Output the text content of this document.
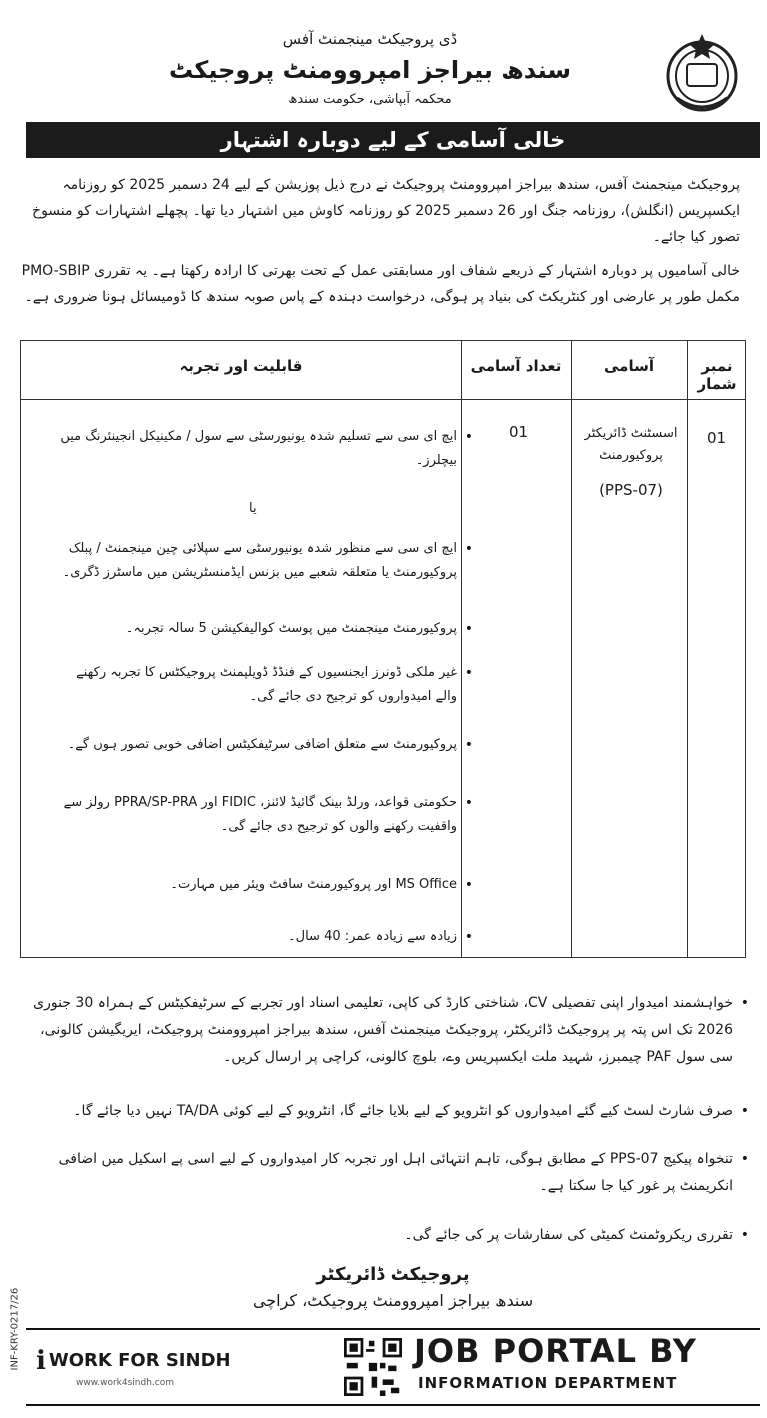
ڈی پروجیکٹ مینجمنٹ آفس
سندھ بیراجز امپروومنٹ پروجیکٹ
محکمہ آبپاشی، حکومت سندھ
خالی آسامی کے لیے دوبارہ اشتہار
پروجیکٹ مینجمنٹ آفس، سندھ بیراجز امپروومنٹ پروجیکٹ نے درج ذیل پوزیشن کے لیے 24 دسمبر 2025 کو روزنامہ ایکسپریس (انگلش)، روزنامہ جنگ اور 26 دسمبر 2025 کو روزنامہ کاوش میں اشتہار دیا تھا۔ پچھلے اشتہارات کو منسوخ تصور کیا جائے۔
خالی آسامیوں پر دوبارہ اشتہار کے ذریعے شفاف اور مسابقتی عمل کے تحت بھرتی کا ارادہ رکھتا ہے۔ یہ تقرری PMO-SBIP مکمل طور پر عارضی اور کنٹریکٹ کی بنیاد پر ہوگی، درخواست دہندہ کے پاس صوبہ سندھ کا ڈومیسائل ہونا ضروری ہے۔
نمبر شمار
آسامی
تعداد آسامی
قابلیت اور تجربہ
01
اسسٹنٹ ڈائریکٹر پروکیورمنٹ
(PPS-07)
01
• ایچ ای سی سے تسلیم شدہ یونیورسٹی سے سول / مکینیکل انجینئرنگ میں بیچلرز۔
یا
• ایچ ای سی سے منظور شدہ یونیورسٹی سے سپلائی چین مینجمنٹ / پبلک پروکیورمنٹ یا متعلقہ شعبے میں بزنس ایڈمنسٹریشن میں ماسٹرز ڈگری۔
• پروکیورمنٹ مینجمنٹ میں پوسٹ کوالیفکیشن 5 سالہ تجربہ۔
• غیر ملکی ڈونرز ایجنسیوں کے فنڈڈ ڈویلپمنٹ پروجیکٹس کا تجربہ رکھنے والے امیدواروں کو ترجیح دی جائے گی۔
• پروکیورمنٹ سے متعلق اضافی سرٹیفکیٹس اضافی خوبی تصور ہوں گے۔
• حکومتی قواعد، ورلڈ بینک گائیڈ لائنز، FIDIC اور PPRA/SP-PRA رولز سے واقفیت رکھنے والوں کو ترجیح دی جائے گی۔
• MS Office اور پروکیورمنٹ سافٹ ویئر میں مہارت۔
• زیادہ سے زیادہ عمر: 40 سال۔
• خواہشمند امیدوار اپنی تفصیلی CV، شناختی کارڈ کی کاپی، تعلیمی اسناد اور تجربے کے سرٹیفکیٹس کے ہمراہ 30 جنوری 2026 تک اس پتہ پر پروجیکٹ ڈائریکٹر، پروجیکٹ مینجمنٹ آفس، سندھ بیراجز امپروومنٹ پروجیکٹ، ایریگیشن کالونی، سی سول PAF چیمبرز، شہید ملت ایکسپریس وے، بلوچ کالونی، کراچی پر ارسال کریں۔
• صرف شارٹ لسٹ کیے گئے امیدواروں کو انٹرویو کے لیے بلایا جائے گا، انٹرویو کے لیے کوئی TA/DA نہیں دیا جائے گا۔
• تنخواہ پیکیج PPS-07 کے مطابق ہوگی، تاہم انتہائی اہل اور تجربہ کار امیدواروں کے لیے اسی پے اسکیل میں اضافی انکریمنٹ پر غور کیا جا سکتا ہے۔
• تقرری ریکروٹمنٹ کمیٹی کی سفارشات پر کی جائے گی۔
پروجیکٹ ڈائریکٹر
سندھ بیراجز امپروومنٹ پروجیکٹ، کراچی
INF-KRY-0217/26 ℹ WORK FOR SINDH
www.work4sindh.com
JOB PORTAL BY
INFORMATION DEPARTMENT
